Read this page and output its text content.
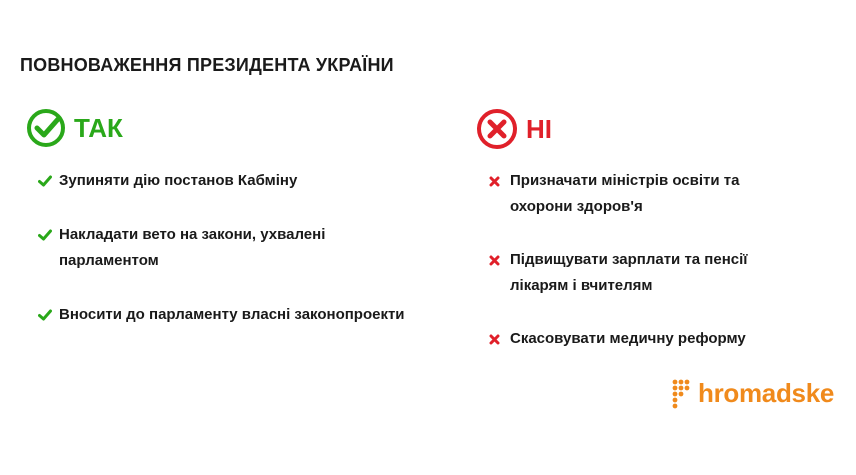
ПОВНОВАЖЕННЯ ПРЕЗИДЕНТА УКРАЇНИ
ТАК	НІ
Зупиняти дію постанов Кабміну
Накладати вето на закони, ухвалені парламентом
Вносити до парламенту власні законопроекти
Призначати міністрів освіти та охорони здоров'я
Підвищувати зарплати та пенсії лікарям і вчителям
Скасовувати медичну реформу
hromadske
